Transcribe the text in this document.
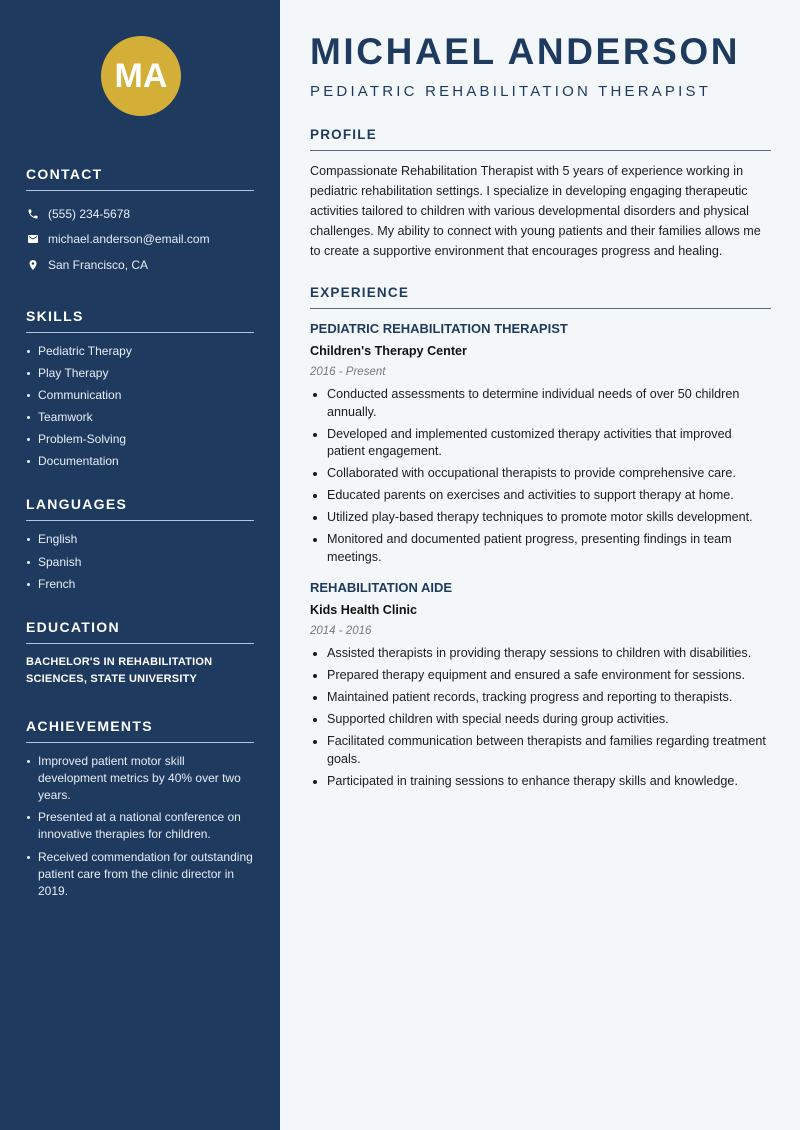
MA
CONTACT
(555) 234-5678
michael.anderson@email.com
San Francisco, CA
SKILLS
Pediatric Therapy
Play Therapy
Communication
Teamwork
Problem-Solving
Documentation
LANGUAGES
English
Spanish
French
EDUCATION

BACHELOR'S IN REHABILITATION SCIENCES, STATE UNIVERSITY

ACHIEVEMENTS
Improved patient motor skill development metrics by 40% over two years.
Presented at a national conference on innovative therapies for children.
Received commendation for outstanding patient care from the clinic director in 2019.
MICHAEL ANDERSON
PEDIATRIC REHABILITATION THERAPIST
PROFILE

Compassionate Rehabilitation Therapist with 5 years of experience working in pediatric rehabilitation settings. I specialize in developing engaging therapeutic activities tailored to children with various developmental disorders and physical challenges. My ability to connect with young patients and their families allows me to create a supportive environment that encourages progress and healing.

EXPERIENCE
PEDIATRIC REHABILITATION THERAPIST
Children's Therapy Center
2016 - Present
Conducted assessments to determine individual needs of over 50 children annually.
Developed and implemented customized therapy activities that improved patient engagement.
Collaborated with occupational therapists to provide comprehensive care.
Educated parents on exercises and activities to support therapy at home.
Utilized play-based therapy techniques to promote motor skills development.
Monitored and documented patient progress, presenting findings in team meetings.
REHABILITATION AIDE
Kids Health Clinic
2014 - 2016
Assisted therapists in providing therapy sessions to children with disabilities.
Prepared therapy equipment and ensured a safe environment for sessions.
Maintained patient records, tracking progress and reporting to therapists.
Supported children with special needs during group activities.
Facilitated communication between therapists and families regarding treatment goals.
Participated in training sessions to enhance therapy skills and knowledge.
